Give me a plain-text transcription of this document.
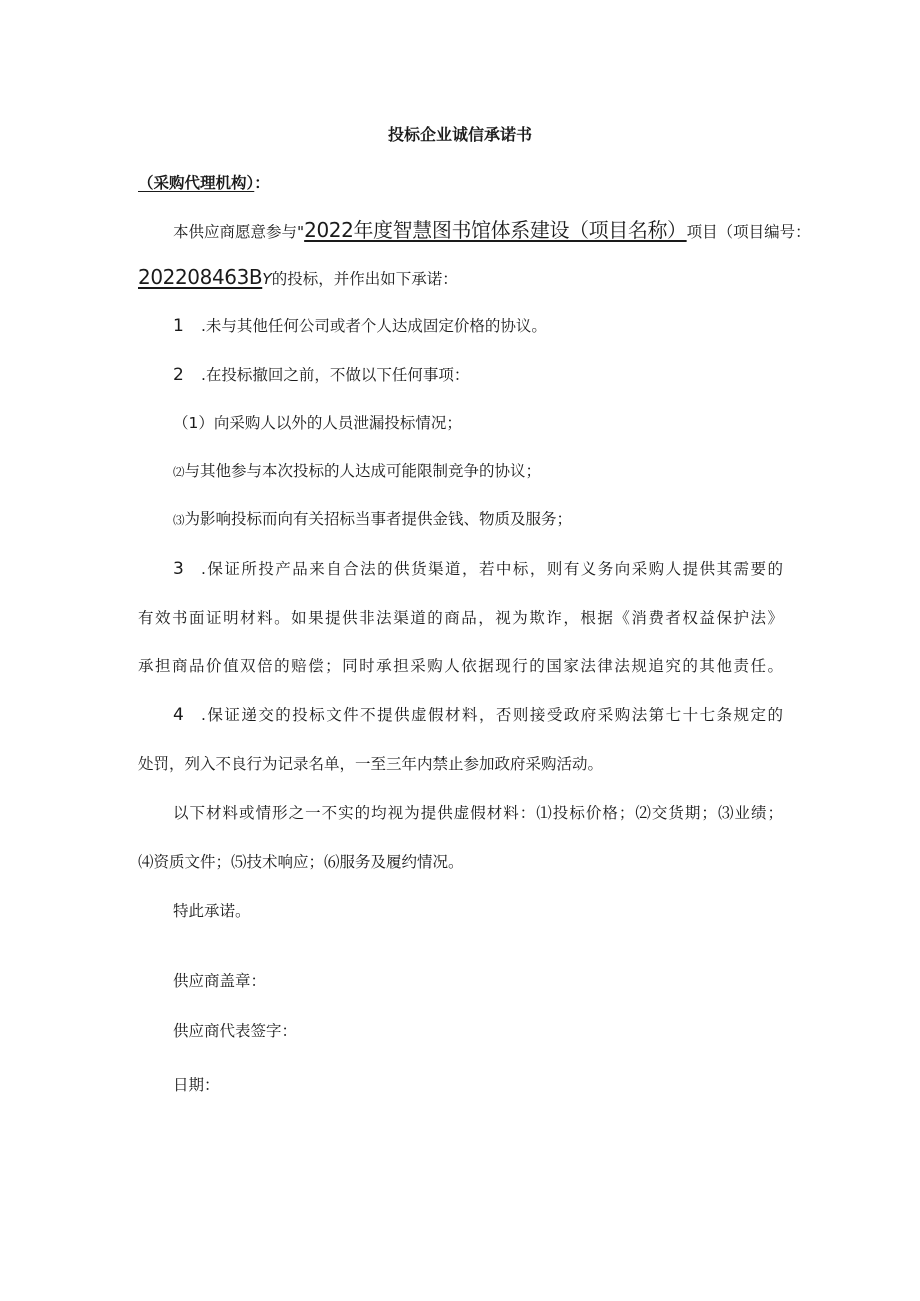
投标企业诚信承诺书
（采购代理机构）：
本供应商愿意参与"2022年度智慧图书馆体系建设（项目名称）项目（项目编号：
202208463BY的投标，并作出如下承诺：
1 .未与其他任何公司或者个人达成固定价格的协议。
2 .在投标撤回之前，不做以下任何事项：
（1）向采购人以外的人员泄漏投标情况；
⑵与其他参与本次投标的人达成可能限制竞争的协议；
⑶为影响投标而向有关招标当事者提供金钱、物质及服务；
3 .保证所投产品来自合法的供货渠道，若中标，则有义务向采购人提供其需要的
有效书面证明材料。如果提供非法渠道的商品，视为欺诈，根据《消费者权益保护法》
承担商品价值双倍的赔偿；同时承担采购人依据现行的国家法律法规追究的其他责任。
4 .保证递交的投标文件不提供虚假材料，否则接受政府采购法第七十七条规定的
处罚，列入不良行为记录名单，一至三年内禁止参加政府采购活动。
以下材料或情形之一不实的均视为提供虚假材料：⑴投标价格；⑵交货期；⑶业绩；
⑷资质文件；⑸技术响应；⑹服务及履约情况。
特此承诺。
供应商盖章：
供应商代表签字：
日期：
